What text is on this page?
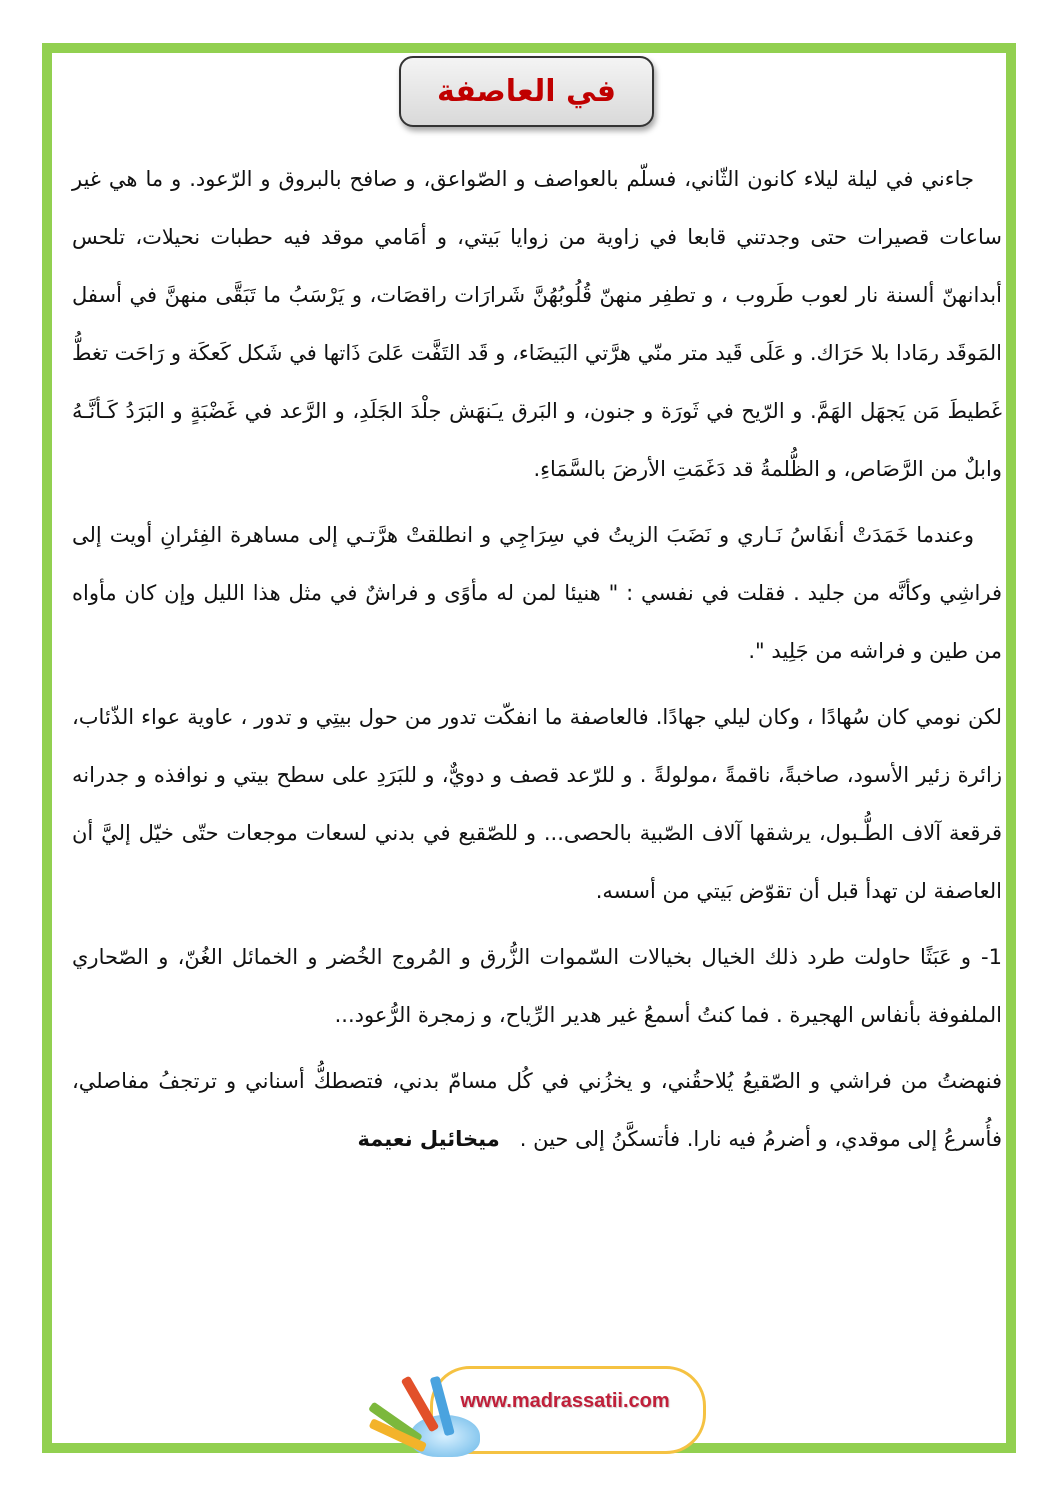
في العاصفة

جاءني في ليلة ليلاء كانون الثّاني، فسلّم بالعواصف و الصّواعق، و صافح بالبروق و الرّعود. و ما هي غير ساعات قصيرات حتى وجدتني قابعا في زاوية من زوايا بَيتي، و أمَامي موقد فيه حطبات نحيلات، تلحس أبدانهنّ ألسنة نار لعوب طَروب ، و تطفِر منهنّ قُلُوبُهُنَّ شَرارَات راقصَات، و يَرْسَبُ ما تَبَقَّى منهنَّ في أسفل المَوقَد رمَادا بلا حَرَاك. و عَلَى قَيد متر منّي هرَّتي البَيضَاء، و قَد التَفَّت عَلىَ ذَاتها في شَكل كَعكَة و رَاحَت تغطُّ غَطيطَ مَن يَجهَل الهَمَّ. و الرّيح في ثَورَة و جنون، و البَرق يـَنهَش جلْدَ الجَلَدِ، و الرَّعد في غَضْبَةٍ و البَرَدُ كَـأنَّـهُ وابلٌ من الرَّصَاص، و الظُّلمةُ قد دَغَمَتِ الأرضَ بالسَّمَاءِ.

وعندما خَمَدَتْ أنفَاسُ نَـاري و نَضَبَ الزيتُ في سِرَاجِي و انطلقتْ هرَّتـي إلى مساهرة الفِئرانِ أويت إلى فراشِي وكأنَّه من جليد . فقلت في نفسي : " هنيئا لمن له مأوًى و فراشٌ في مثل هذا الليل وإن كان مأواه من طين و فراشه من جَلِيد ".

لكن نومي كان سُهادًا ، وكان ليلي جهادًا. فالعاصفة ما انفكّت تدور من حول بيتِي و تدور ، عاوية عواء الذّئاب، زائرة زئير الأسود، صاخبةً، ناقمةً ،مولولةً . و للرّعد قصف و دويٌّ، و للبَرَدِ على سطح بيتي و نوافذه و جدرانه قرقعة آلاف الطُّـبول، يرشقها آلاف الصّبية بالحصى... و للصّقيع في بدني لسعات موجعات حتّى خيّل إليَّ أن العاصفة لن تهدأ قبل أن تقوّض بَيتي من أسسه.

1-و عَبَثًا حاولت طرد ذلك الخيال بخيالات السّموات الزُّرق و المُروج الخُضر و الخمائل الغُنّ، و الصّحاري الملفوفة بأنفاس الهجيرة . فما كنتُ أسمعُ غير هدير الرِّياح، و زمجرة الرُّعود...

فنهضتُ من فراشي و الصّقيعُ يُلاحقُني، و يخزُني في كُل مسامّ بدني، فتصطكُّ أسناني و ترتجفُ مفاصلي، فأُسرعُ إلى موقدي، و أضرمُ فيه نارا. فأتسكَّنُ إلى حين .   ميخائيل نعيمة

www.madrassatii.com
